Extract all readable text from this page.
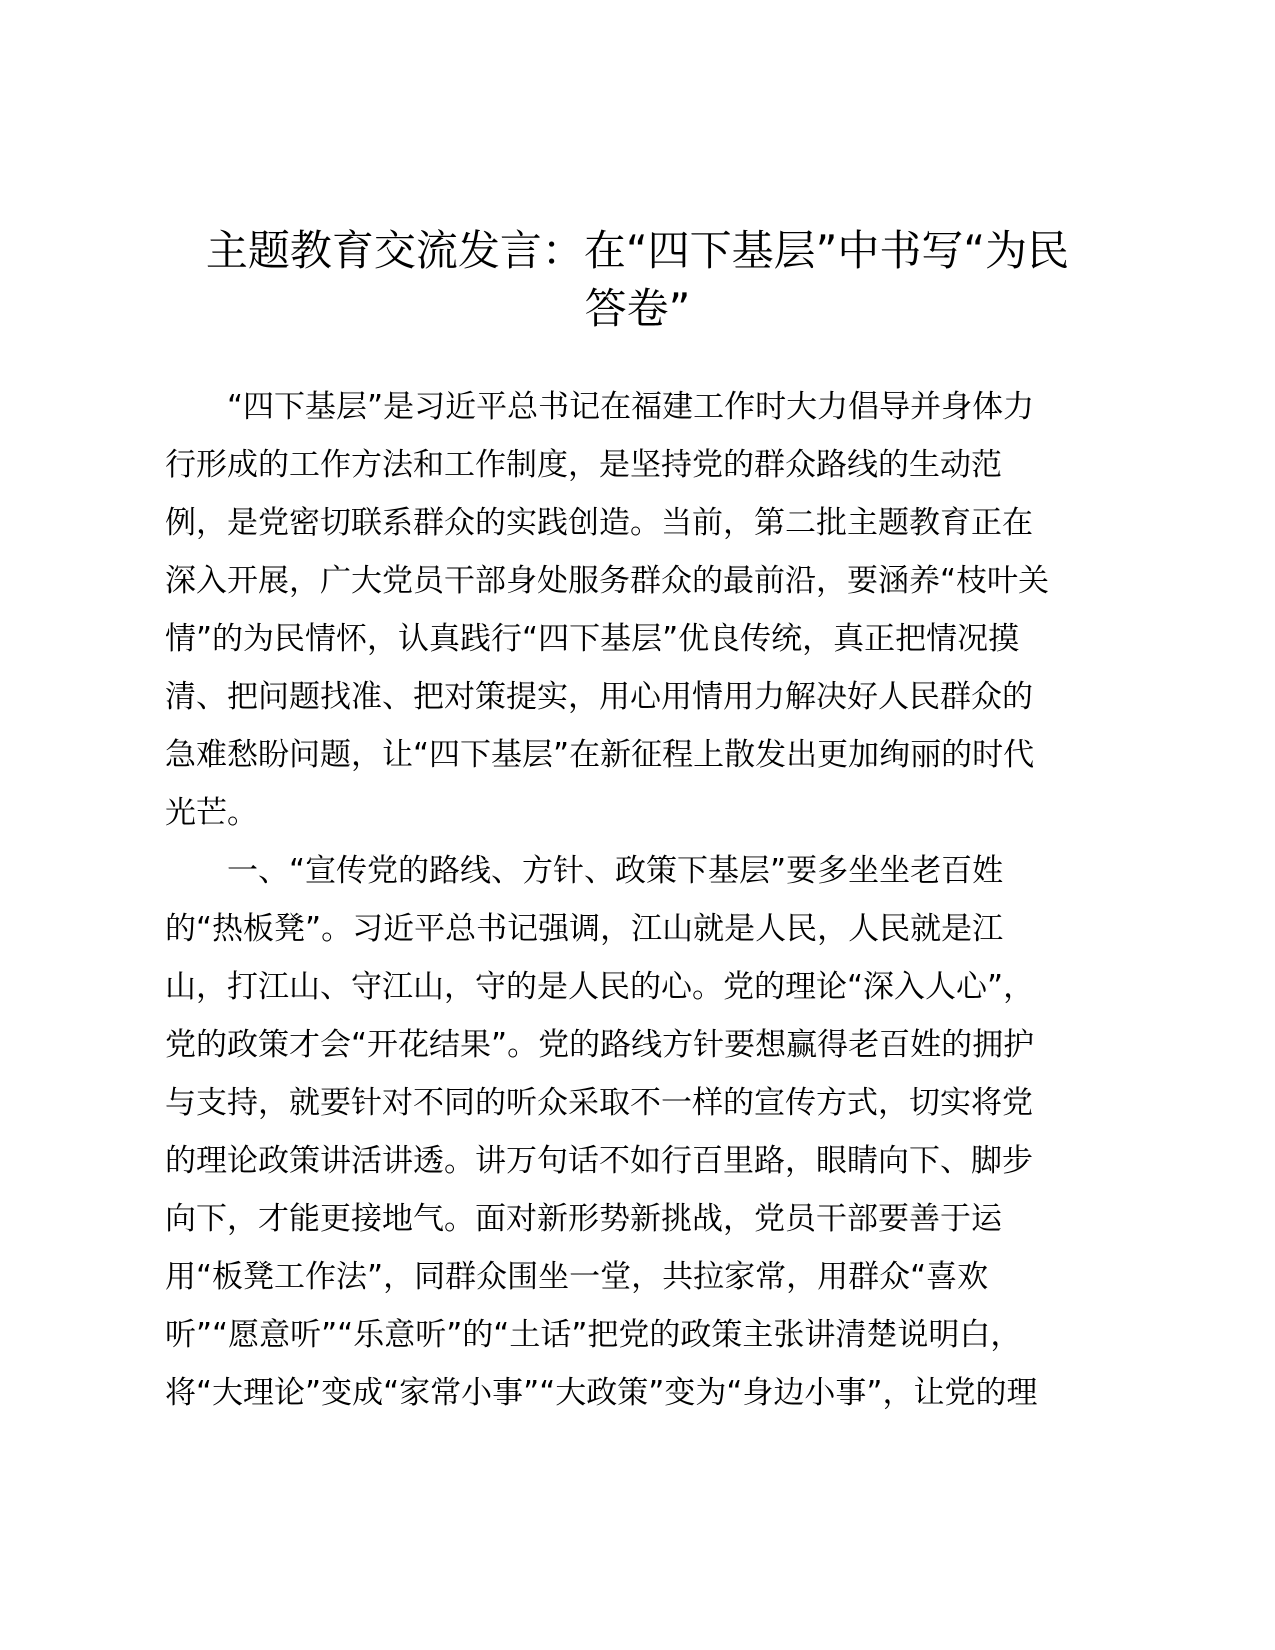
主题教育交流发言：在“四下基层”中书写“为民
答卷”
“四下基层”是习近平总书记在福建工作时大力倡导并身体力
行形成的工作方法和工作制度，是坚持党的群众路线的生动范
例，是党密切联系群众的实践创造。当前，第二批主题教育正在
深入开展，广大党员干部身处服务群众的最前沿，要涵养“枝叶关
情”的为民情怀，认真践行“四下基层”优良传统，真正把情况摸
清、把问题找准、把对策提实，用心用情用力解决好人民群众的
急难愁盼问题，让“四下基层”在新征程上散发出更加绚丽的时代
光芒。
一、“宣传党的路线、方针、政策下基层”要多坐坐老百姓
的“热板凳”。习近平总书记强调，江山就是人民，人民就是江
山，打江山、守江山，守的是人民的心。党的理论“深入人心”，
党的政策才会“开花结果”。党的路线方针要想赢得老百姓的拥护
与支持，就要针对不同的听众采取不一样的宣传方式，切实将党
的理论政策讲活讲透。讲万句话不如行百里路，眼睛向下、脚步
向下，才能更接地气。面对新形势新挑战，党员干部要善于运
用“板凳工作法”，同群众围坐一堂，共拉家常，用群众“喜欢
听”“愿意听”“乐意听”的“土话”把党的政策主张讲清楚说明白，
将“大理论”变成“家常小事”“大政策”变为“身边小事”，让党的理
